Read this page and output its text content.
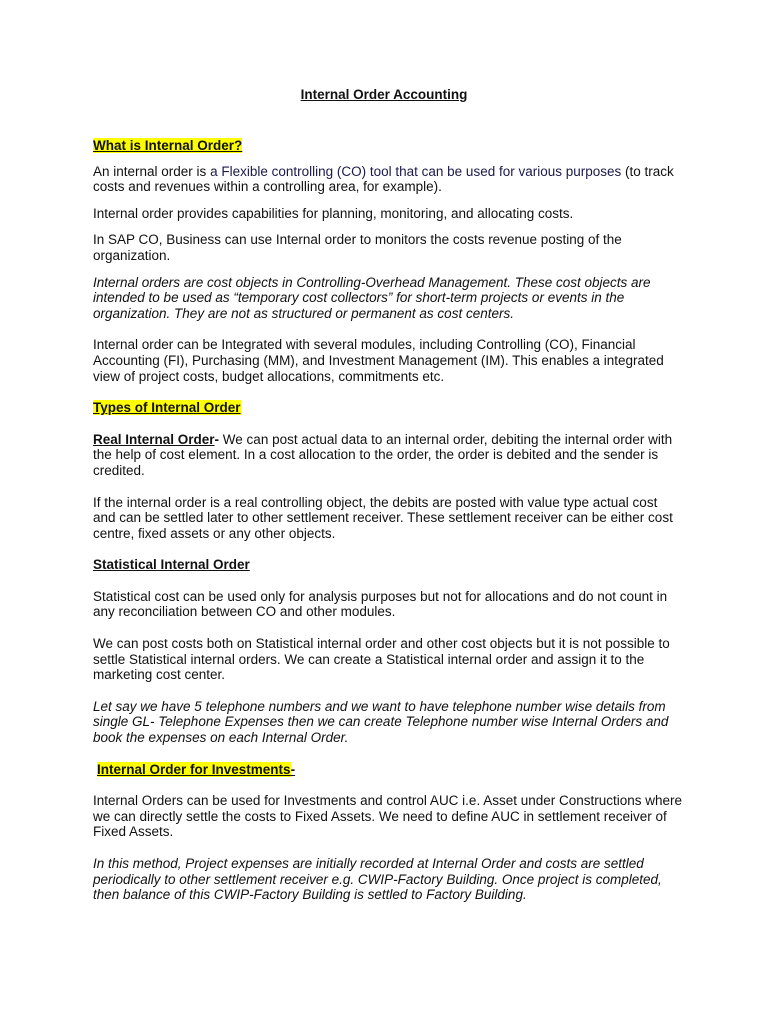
Internal Order Accounting

What is Internal Order?

An internal order is a Flexible controlling (CO) tool that can be used for various purposes (to track costs and revenues within a controlling area, for example).

Internal order provides capabilities for planning, monitoring, and allocating costs.

In SAP CO, Business can use Internal order to monitors the costs revenue posting of the organization.

Internal orders are cost objects in Controlling-Overhead Management. These cost objects are intended to be used as “temporary cost collectors” for short-term projects or events in the organization. They are not as structured or permanent as cost centers.

Internal order can be Integrated with several modules, including Controlling (CO), Financial Accounting (FI), Purchasing (MM), and Investment Management (IM). This enables a integrated view of project costs, budget allocations, commitments etc.

Types of Internal Order

Real Internal Order- We can post actual data to an internal order, debiting the internal order with the help of cost element. In a cost allocation to the order, the order is debited and the sender is credited.

If the internal order is a real controlling object, the debits are posted with value type actual cost and can be settled later to other settlement receiver. These settlement receiver can be either cost centre, fixed assets or any other objects.

Statistical Internal Order

Statistical cost can be used only for analysis purposes but not for allocations and do not count in any reconciliation between CO and other modules.

We can post costs both on Statistical internal order and other cost objects but it is not possible to settle Statistical internal orders. We can create a Statistical internal order and assign it to the marketing cost center.

Let say we have 5 telephone numbers and we want to have telephone number wise details from single GL- Telephone Expenses then we can create Telephone number wise Internal Orders and book the expenses on each Internal Order.

Internal Order for Investments-

Internal Orders can be used for Investments and control AUC i.e. Asset under Constructions where we can directly settle the costs to Fixed Assets. We need to define AUC in settlement receiver of Fixed Assets.

In this method, Project expenses are initially recorded at Internal Order and costs are settled periodically to other settlement receiver e.g. CWIP-Factory Building. Once project is completed, then balance of this CWIP-Factory Building is settled to Factory Building.
